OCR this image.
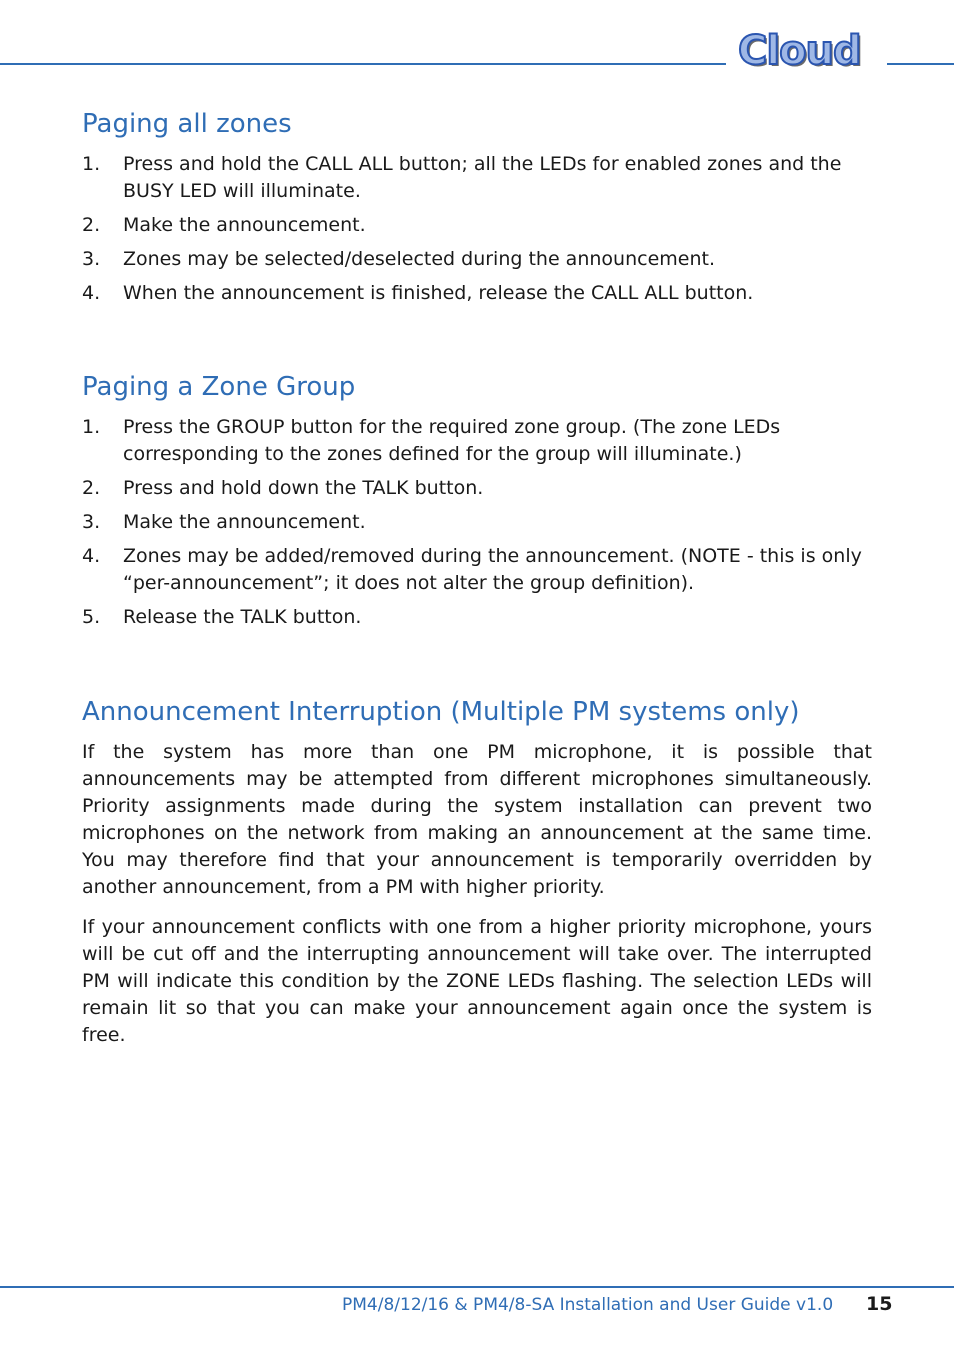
Cloud
Paging all zones
1. Press and hold the CALL ALL button; all the LEDs for enabled zones and the BUSY LED will illuminate.
2. Make the announcement.
3. Zones may be selected/deselected during the announcement.
4. When the announcement is finished, release the CALL ALL button.
Paging a Zone Group
1. Press the GROUP button for the required zone group. (The zone LEDs corresponding to the zones defined for the group will illuminate.)
2. Press and hold down the TALK button.
3. Make the announcement.
4. Zones may be added/removed during the announcement. (NOTE - this is only “per-announcement”; it does not alter the group definition).
5. Release the TALK button.
Announcement Interruption (Multiple PM systems only)

If the system has more than one PM microphone, it is possible that announcements may be attempted from different microphones simultaneously. Priority assignments made during the system installation can prevent two microphones on the network from making an announcement at the same time. You may therefore find that your announcement is temporarily overridden by another announcement, from a PM with higher priority.

If your announcement conflicts with one from a higher priority microphone, yours will be cut off and the interrupting announcement will take over. The interrupted PM will indicate this condition by the ZONE LEDs flashing. The selection LEDs will remain lit so that you can make your announcement again once the system is free.

PM4/8/12/16 & PM4/8-SA Installation and User Guide v1.0 15
